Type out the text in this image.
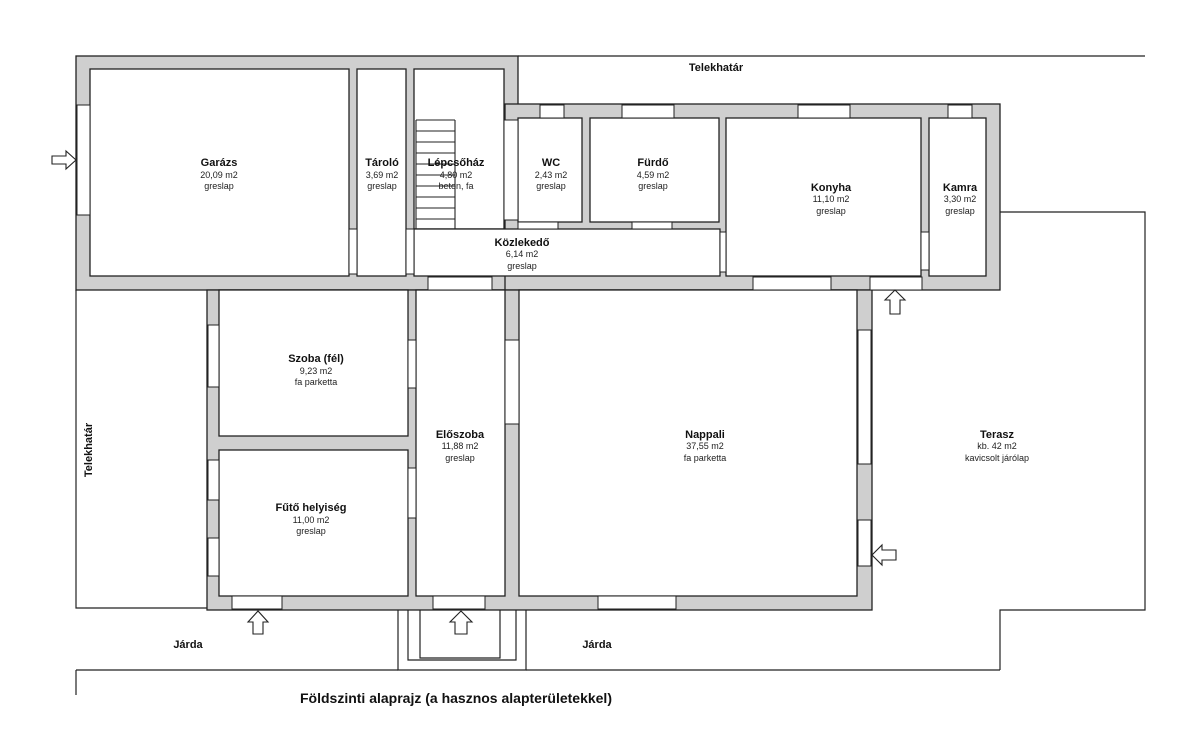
Telekhatár
Telekhatár
Járda	Járda
Garázs
20,09 m2
greslap
Tároló
3,69 m2
greslap
Lépcsőház
4,80 m2
beton, fa
WC
2,43 m2
greslap
Fürdő
4,59 m2
greslap	Konyha
11,10 m2
greslap
Kamra
3,30 m2
greslap
Közlekedő
6,14 m2
greslap
Szoba (fél)
9,23 m2
fa parketta
Fűtő helyiség
11,00 m2
greslap
Előszoba
11,88 m2
greslap
Nappali
37,55 m2
fa parketta
Terasz
kb. 42 m2
kavicsolt járólap
Földszinti alaprajz (a hasznos alapterületekkel)
